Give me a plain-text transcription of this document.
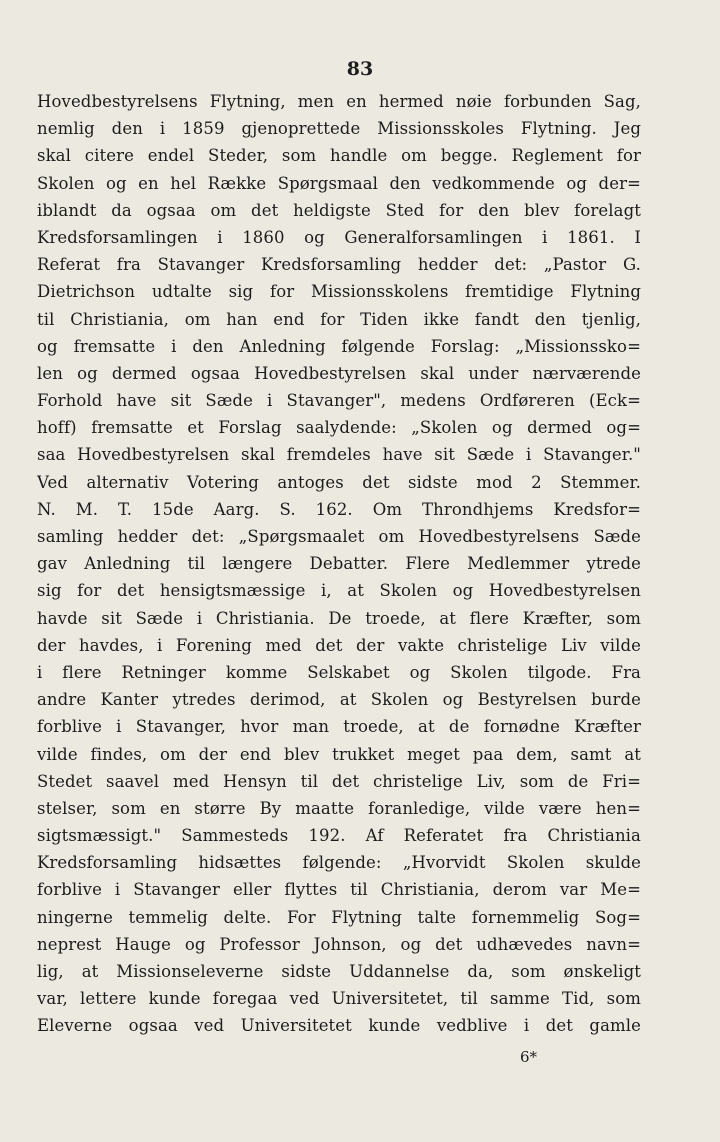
83
Hovedbestyrelsens Flytning, men en hermed nøie forbunden Sag,
nemlig den i 1859 gjenoprettede Missionsskoles Flytning. Jeg
skal citere endel Steder, som handle om begge. Reglement for
Skolen og en hel Række Spørgsmaal den vedkommende og der=
iblandt da ogsaa om det heldigste Sted for den blev forelagt
Kredsforsamlingen i 1860 og Generalforsamlingen i 1861. I
Referat fra Stavanger Kredsforsamling hedder det: „Pastor G.
Dietrichson udtalte sig for Missionsskolens fremtidige Flytning
til Christiania, om han end for Tiden ikke fandt den tjenlig,
og fremsatte i den Anledning følgende Forslag: „Missionssko=
len og dermed ogsaa Hovedbestyrelsen skal under nærværende
Forhold have sit Sæde i Stavanger", medens Ordføreren (Eck=
hoff) fremsatte et Forslag saalydende: „Skolen og dermed og=
saa Hovedbestyrelsen skal fremdeles have sit Sæde i Stavanger."
Ved alternativ Votering antoges det sidste mod 2 Stemmer.
N. M. T. 15de Aarg. S. 162. Om Throndhjems Kredsfor=
samling hedder det: „Spørgsmaalet om Hovedbestyrelsens Sæde
gav Anledning til længere Debatter. Flere Medlemmer ytrede
sig for det hensigtsmæssige i, at Skolen og Hovedbestyrelsen
havde sit Sæde i Christiania. De troede, at flere Kræfter, som
der havdes, i Forening med det der vakte christelige Liv vilde
i flere Retninger komme Selskabet og Skolen tilgode. Fra
andre Kanter ytredes derimod, at Skolen og Bestyrelsen burde
forblive i Stavanger, hvor man troede, at de fornødne Kræfter
vilde findes, om der end blev trukket meget paa dem, samt at
Stedet saavel med Hensyn til det christelige Liv, som de Fri=
stelser, som en større By maatte foranledige, vilde være hen=
sigtsmæssigt." Sammesteds 192. Af Referatet fra Christiania
Kredsforsamling hidsættes følgende: „Hvorvidt Skolen skulde
forblive i Stavanger eller flyttes til Christiania, derom var Me=
ningerne temmelig delte. For Flytning talte fornemmelig Sog=
neprest Hauge og Professor Johnson, og det udhævedes navn=
lig, at Missionseleverne sidste Uddannelse da, som ønskeligt
var, lettere kunde foregaa ved Universitetet, til samme Tid, som
Eleverne ogsaa ved Universitetet kunde vedblive i det gamle
6*
